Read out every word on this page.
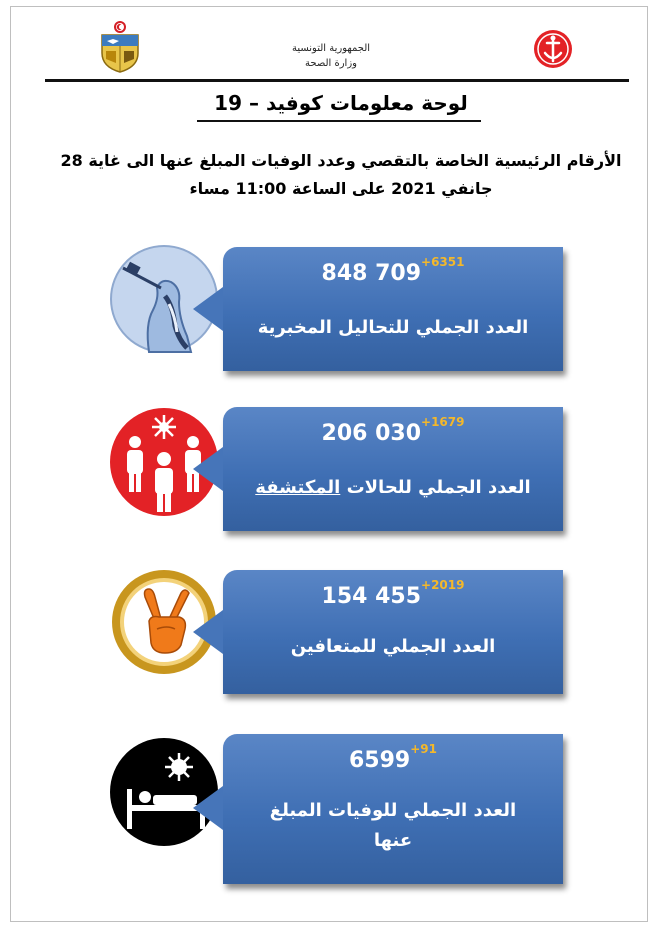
الجمهورية التونسية
وزارة الصحة
لوحة معلومات كوفيد – 19
الأرقام الرئيسية الخاصة بالتقصي وعدد الوفيات المبلغ عنها الى غاية 28
جانفي 2021 على الساعة 11:00 مساء
848 $709^{+6351}$
العدد الجملي للتحاليل المخبرية
206 $030^{+1679}$
العدد الجملي للحالات المكتشفة
154 $455^{+2019}$
العدد الجملي للمتعافين
$6599^{+91}$
العدد الجملي للوفيات المبلغ
عنها
